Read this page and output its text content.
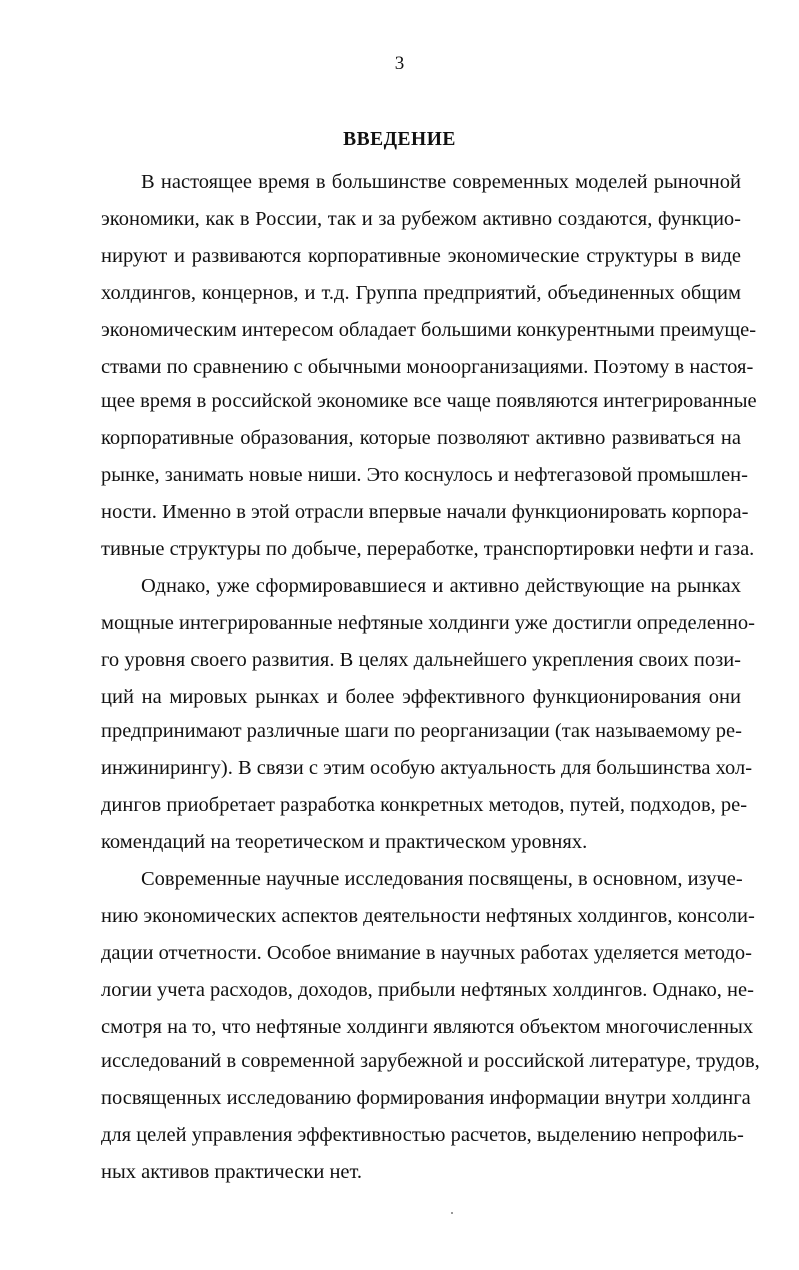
3
ВВЕДЕНИЕ
В настоящее время в большинстве современных моделей рыночной
экономики, как в России, так и за рубежом активно создаются, функцио-
нируют и развиваются корпоративные экономические структуры в виде
холдингов, концернов, и т.д. Группа предприятий, объединенных общим
экономическим интересом обладает большими конкурентными преимуще-
ствами по сравнению с обычными моноорганизациями. Поэтому в настоя-
щее время в российской экономике все чаще появляются интегрированные
корпоративные образования, которые позволяют активно развиваться на
рынке, занимать новые ниши. Это коснулось и нефтегазовой промышлен-
ности. Именно в этой отрасли впервые начали функционировать корпора-
тивные структуры по добыче, переработке, транспортировки нефти и газа.
Однако, уже сформировавшиеся и активно действующие на рынках
мощные интегрированные нефтяные холдинги уже достигли определенно-
го уровня своего развития. В целях дальнейшего укрепления своих пози-
ций на мировых рынках и более эффективного функционирования они
предпринимают различные шаги по реорганизации (так называемому ре-
инжинирингу). В связи с этим особую актуальность для большинства хол-
дингов приобретает разработка конкретных методов, путей, подходов, ре-
комендаций на теоретическом и практическом уровнях.
Современные научные исследования посвящены, в основном, изуче-
нию экономических аспектов деятельности нефтяных холдингов, консоли-
дации отчетности. Особое внимание в научных работах уделяется методо-
логии учета расходов, доходов, прибыли нефтяных холдингов. Однако, не-
смотря на то, что нефтяные холдинги являются объектом многочисленных
исследований в современной зарубежной и российской литературе, трудов,
посвященных исследованию формирования информации внутри холдинга
для целей управления эффективностью расчетов, выделению непрофиль-
ных активов практически нет.
